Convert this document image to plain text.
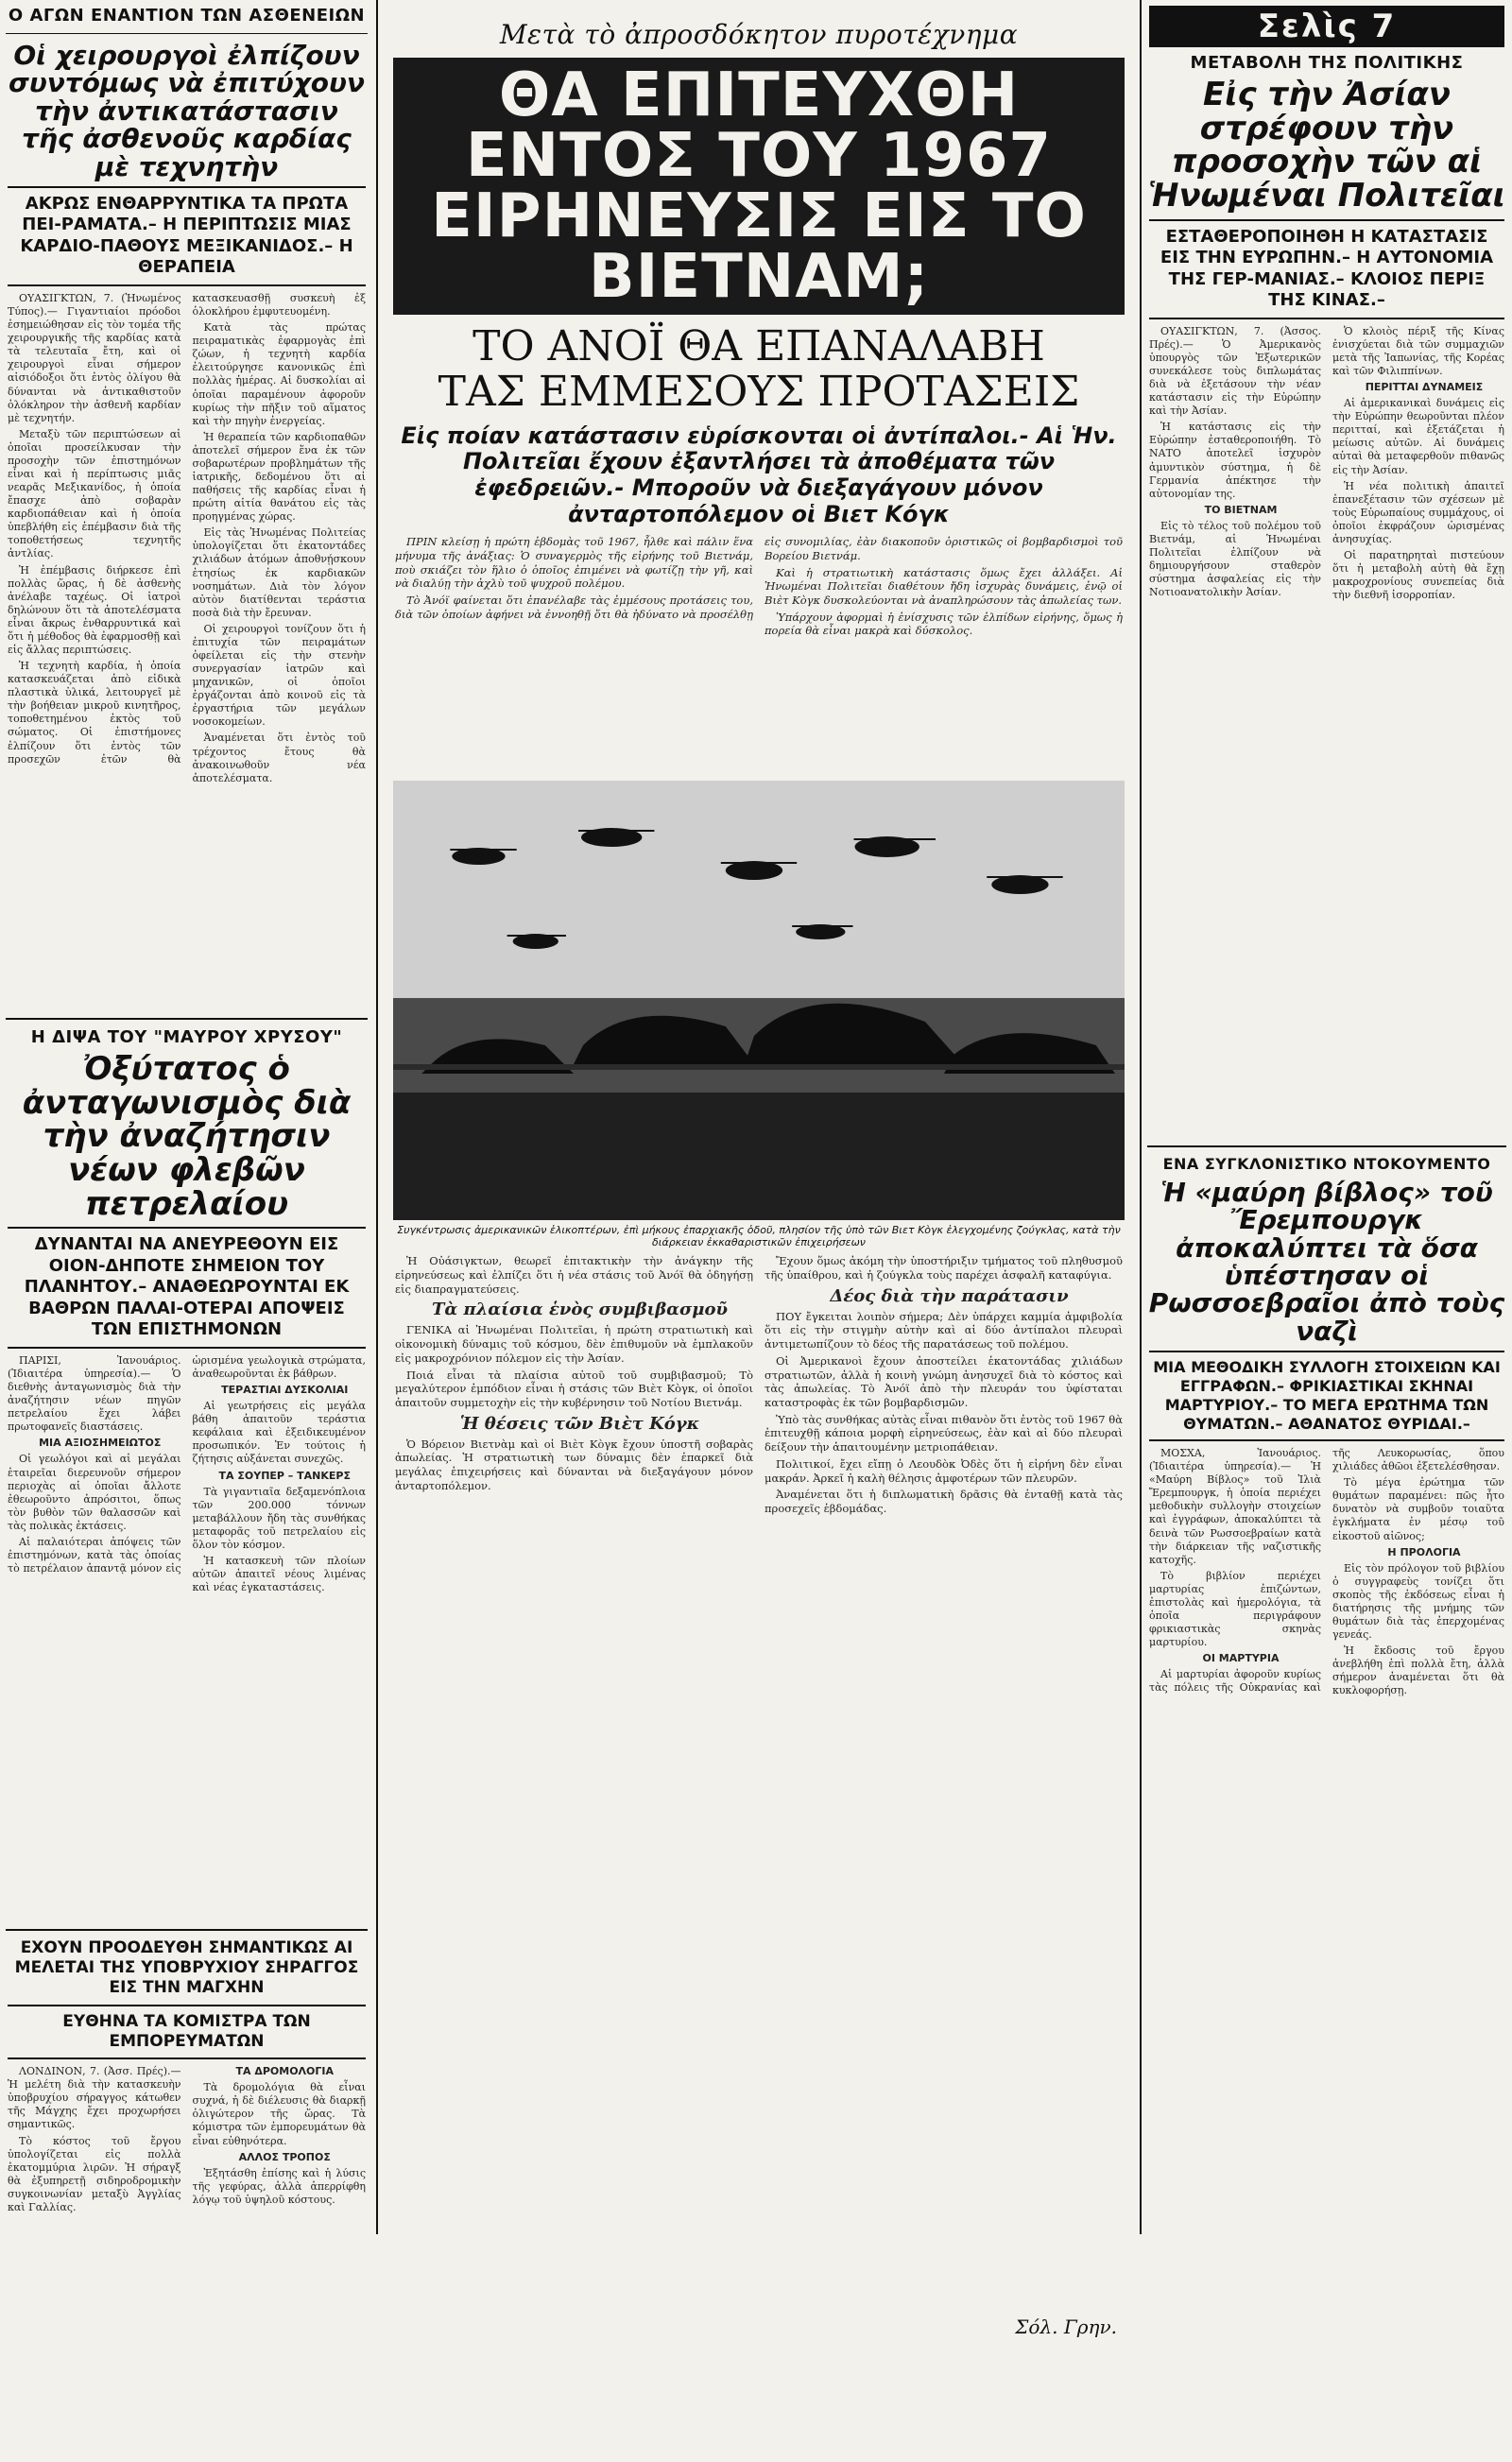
Ο ΑΓΩΝ ΕΝΑΝΤΙΟΝ ΤΩΝ ΑΣΘΕΝΕΙΩΝ
Οἱ χειρουργοὶ ἐλπίζουν συντόμως νὰ ἐπιτύχουν τὴν ἀντικατάστασιν τῆς ἀσθενοῦς καρδίας μὲ τεχνητὴν
ΑΚΡΩΣ ΕΝΘΑΡΡΥΝΤΙΚΑ ΤΑ ΠΡΩΤΑ ΠΕΙ-ΡΑΜΑΤΑ.– Η ΠΕΡΙΠΤΩΣΙΣ ΜΙΑΣ ΚΑΡΔΙΟ-ΠΑΘΟΥΣ ΜΕΞΙΚΑΝΙΔΟΣ.– Η ΘΕΡΑΠΕΙΑ

ΟΥΑΣΙΓΚΤΩΝ, 7. (Ἡνωμένος Τύπος).— Γιγαντιαίοι πρόοδοι ἐσημειώθησαν εἰς τὸν τομέα τῆς χειρουργικῆς τῆς καρδίας κατὰ τὰ τελευταῖα ἔτη, καὶ οἱ χειρουργοὶ εἶναι σήμερον αἰσιόδοξοι ὅτι ἐντὸς ὀλίγου θὰ δύνανται νὰ ἀντικαθιστοῦν ὁλόκληρον τὴν ἀσθενῆ καρδίαν μὲ τεχνητήν.

Μεταξὺ τῶν περιπτώσεων αἱ ὁποῖαι προσείλκυσαν τὴν προσοχὴν τῶν ἐπιστημόνων εἶναι καὶ ἡ περίπτωσις μιᾶς νεαρᾶς Μεξικανίδος, ἡ ὁποία ἔπασχε ἀπὸ σοβαρὰν καρδιοπάθειαν καὶ ἡ ὁποία ὑπεβλήθη εἰς ἐπέμβασιν διὰ τῆς τοποθετήσεως τεχνητῆς ἀντλίας.

Ἡ ἐπέμβασις διήρκεσε ἐπὶ πολλὰς ὥρας, ἡ δὲ ἀσθενὴς ἀνέλαβε ταχέως. Οἱ ἰατροὶ δηλώνουν ὅτι τὰ ἀποτελέσματα εἶναι ἄκρως ἐνθαρρυντικά καὶ ὅτι ἡ μέθοδος θὰ ἐφαρμοσθῇ καὶ εἰς ἄλλας περιπτώσεις.

Ἡ τεχνητὴ καρδία, ἡ ὁποία κατασκευάζεται ἀπὸ εἰδικὰ πλαστικὰ ὑλικά, λειτουργεῖ μὲ τὴν βοήθειαν μικροῦ κινητῆρος, τοποθετημένου ἐκτὸς τοῦ σώματος. Οἱ ἐπιστήμονες ἐλπίζουν ὅτι ἐντὸς τῶν προσεχῶν ἐτῶν θὰ κατασκευασθῇ συσκευὴ ἐξ ὁλοκλήρου ἐμφυτευομένη.

Κατὰ τὰς πρώτας πειραματικὰς ἐφαρμογὰς ἐπὶ ζώων, ἡ τεχνητὴ καρδία ἐλειτούργησε κανονικῶς ἐπὶ πολλὰς ἡμέρας. Αἱ δυσκολίαι αἱ ὁποῖαι παραμένουν ἀφοροῦν κυρίως τὴν πῆξιν τοῦ αἵματος καὶ τὴν πηγὴν ἐνεργείας.

Ἡ θεραπεία τῶν καρδιοπαθῶν ἀποτελεῖ σήμερον ἕνα ἐκ τῶν σοβαρωτέρων προβλημάτων τῆς ἰατρικῆς, δεδομένου ὅτι αἱ παθήσεις τῆς καρδίας εἶναι ἡ πρώτη αἰτία θανάτου εἰς τὰς προηγμένας χώρας.

Εἰς τὰς Ἡνωμένας Πολιτείας ὑπολογίζεται ὅτι ἑκατοντάδες χιλιάδων ἀτόμων ἀποθνῄσκουν ἐτησίως ἐκ καρδιακῶν νοσημάτων. Διὰ τὸν λόγον αὐτὸν διατίθενται τεράστια ποσὰ διὰ τὴν ἔρευναν.

Οἱ χειρουργοὶ τονίζουν ὅτι ἡ ἐπιτυχία τῶν πειραμάτων ὀφείλεται εἰς τὴν στενὴν συνεργασίαν ἰατρῶν καὶ μηχανικῶν, οἱ ὁποῖοι ἐργάζονται ἀπὸ κοινοῦ εἰς τὰ ἐργαστήρια τῶν μεγάλων νοσοκομείων.

Ἀναμένεται ὅτι ἐντὸς τοῦ τρέχοντος ἔτους θὰ ἀνακοινωθοῦν νέα ἀποτελέσματα.

Η ΔΙΨΑ ΤΟΥ "ΜΑΥΡΟΥ ΧΡΥΣΟΥ"
Ὀξύτατος ὁ ἀνταγωνισμὸς διὰ τὴν ἀναζήτησιν νέων φλεβῶν πετρελαίου
ΔΥΝΑΝΤΑΙ ΝΑ ΑΝΕΥΡΕΘΟΥΝ ΕΙΣ ΟΙΟΝ-ΔΗΠΟΤΕ ΣΗΜΕΙΟΝ ΤΟΥ ΠΛΑΝΗΤΟΥ.– ΑΝΑΘΕΩΡΟΥΝΤΑΙ ΕΚ ΒΑΘΡΩΝ ΠΑΛΑΙ-ΟΤΕΡΑΙ ΑΠΟΨΕΙΣ ΤΩΝ ΕΠΙΣΤΗΜΟΝΩΝ

ΠΑΡΙΣΙ, Ἰανουάριος. (Ἰδιαιτέρα ὑπηρεσία).— Ὁ διεθνὴς ἀνταγωνισμὸς διὰ τὴν ἀναζήτησιν νέων πηγῶν πετρελαίου ἔχει λάβει πρωτοφανεῖς διαστάσεις.

ΜΙΑ ΑΞΙΟΣΗΜΕΙΩΤΟΣ

Οἱ γεωλόγοι καὶ αἱ μεγάλαι ἑταιρεῖαι διερευνοῦν σήμερον περιοχὰς αἱ ὁποῖαι ἄλλοτε ἐθεωροῦντο ἀπρόσιτοι, ὅπως τὸν βυθὸν τῶν θαλασσῶν καὶ τὰς πολικὰς ἐκτάσεις.

Αἱ παλαιότεραι ἀπόψεις τῶν ἐπιστημόνων, κατὰ τὰς ὁποίας τὸ πετρέλαιον ἀπαντᾷ μόνον εἰς ὡρισμένα γεωλογικὰ στρώματα, ἀναθεωροῦνται ἐκ βάθρων.

ΤΕΡΑΣΤΙΑΙ ΔΥΣΚΟΛΙΑΙ

Αἱ γεωτρήσεις εἰς μεγάλα βάθη ἀπαιτοῦν τεράστια κεφάλαια καὶ ἐξειδικευμένον προσωπικόν. Ἐν τούτοις ἡ ζήτησις αὐξάνεται συνεχῶς.

ΤΑ ΣΟΥΠΕΡ – ΤΑΝΚΕΡΣ

Τὰ γιγαντιαῖα δεξαμενόπλοια τῶν 200.000 τόννων μεταβάλλουν ἤδη τὰς συνθήκας μεταφορᾶς τοῦ πετρελαίου εἰς ὅλον τὸν κόσμον.

Ἡ κατασκευὴ τῶν πλοίων αὐτῶν ἀπαιτεῖ νέους λιμένας καὶ νέας ἐγκαταστάσεις.

ΕΧΟΥΝ ΠΡΟΟΔΕΥΘΗ ΣΗΜΑΝΤΙΚΩΣ ΑΙ ΜΕΛΕΤΑΙ ΤΗΣ ΥΠΟΒΡΥΧΙΟΥ ΣΗΡΑΓΓΟΣ ΕΙΣ ΤΗΝ ΜΑΓΧΗΝ
ΕΥΘΗΝΑ ΤΑ ΚΟΜΙΣΤΡΑ ΤΩΝ ΕΜΠΟΡΕΥΜΑΤΩΝ

ΛΟΝΔΙΝΟΝ, 7. (Ἀσσ. Πρές).— Ἡ μελέτη διὰ τὴν κατασκευὴν ὑποβρυχίου σήραγγος κάτωθεν τῆς Μάγχης ἔχει προχωρήσει σημαντικῶς.

Τὸ κόστος τοῦ ἔργου ὑπολογίζεται εἰς πολλὰ ἑκατομμύρια λιρῶν. Ἡ σήραγξ θὰ ἐξυπηρετῇ σιδηροδρομικὴν συγκοινωνίαν μεταξὺ Ἀγγλίας καὶ Γαλλίας.

ΤΑ ΔΡΟΜΟΛΟΓΙΑ

Τὰ δρομολόγια θὰ εἶναι συχνά, ἡ δὲ διέλευσις θὰ διαρκῇ ὀλιγώτερον τῆς ὥρας. Τὰ κόμιστρα τῶν ἐμπορευμάτων θὰ εἶναι εὐθηνότερα.

ΑΛΛΟΣ ΤΡΟΠΟΣ

Ἐξητάσθη ἐπίσης καὶ ἡ λύσις τῆς γεφύρας, ἀλλὰ ἀπερρίφθη λόγῳ τοῦ ὑψηλοῦ κόστους.

Μετὰ τὸ ἀπροσδόκητον πυροτέχνημα
ΘΑ ΕΠΙΤΕΥΧΘΗ ΕΝΤΟΣ ΤΟΥ 1967
ΕΙΡΗΝΕΥΣΙΣ ΕΙΣ ΤΟ ΒΙΕΤΝΑΜ;
ΤΟ ΑΝΟΪ ΘΑ ΕΠΑΝΑΛΑΒΗ
ΤΑΣ ΕΜΜΕΣΟΥΣ ΠΡΟΤΑΣΕΙΣ
Εἰς ποίαν κατάστασιν εὑρίσκονται οἱ ἀντίπαλοι.- Αἱ Ἡν. Πολιτεῖαι ἔχουν ἐξαντλήσει τὰ ἀποθέματα τῶν ἐφεδρειῶν.- Μποροῦν νὰ διεξαγάγουν μόνον ἀνταρτοπόλεμον οἱ Βιετ Κόγκ

ΠΡΙΝ κλείσῃ ἡ πρώτη ἑβδομὰς τοῦ 1967, ἦλθε καὶ πάλιν ἕνα μήνυμα τῆς ἀνάξιας: Ὁ συναγερμὸς τῆς εἰρήνης τοῦ Βιετνάμ, ποὺ σκιάζει τὸν ἥλιο ὁ ὁποῖος ἐπιμένει νὰ φωτίζῃ τὴν γῆ, καὶ νὰ διαλύῃ τὴν ἀχλὺ τοῦ ψυχροῦ πολέμου.

Τὸ Ἀνόϊ φαίνεται ὅτι ἐπανέλαβε τὰς ἐμμέσους προτάσεις του, διὰ τῶν ὁποίων ἀφήνει νὰ ἐννοηθῇ ὅτι θὰ ἠδύνατο νὰ προσέλθῃ εἰς συνομιλίας, ἐὰν διακοποῦν ὁριστικῶς οἱ βομβαρδισμοὶ τοῦ Βορείου Βιετνάμ.

Καὶ ἡ στρατιωτικὴ κατάστασις ὅμως ἔχει ἀλλάξει. Αἱ Ἡνωμέναι Πολιτεῖαι διαθέτουν ἤδη ἰσχυρὰς δυνάμεις, ἐνῷ οἱ Βιὲτ Κὸγκ δυσκολεύονται νὰ ἀναπληρώσουν τὰς ἀπωλείας των.

Ὑπάρχουν ἀφορμαὶ ἡ ἐνίσχυσις τῶν ἐλπίδων εἰρήνης, ὅμως ἡ πορεία θὰ εἶναι μακρὰ καὶ δύσκολος.

Συγκέντρωσις ἀμερικανικῶν ἑλικοπτέρων, ἐπὶ μήκους ἐπαρχιακῆς ὁδοῦ, πλησίον τῆς ὑπὸ τῶν Βιετ Κὸγκ ἐλεγχομένης ζούγκλας, κατὰ τὴν διάρκειαν ἐκκαθαριστικῶν ἐπιχειρήσεων

Ἡ Οὐάσιγκτων, θεωρεῖ ἐπιτακτικὴν τὴν ἀνάγκην τῆς εἰρηνεύσεως καὶ ἐλπίζει ὅτι ἡ νέα στάσις τοῦ Ἀνόϊ θὰ ὁδηγήσῃ εἰς διαπραγματεύσεις.

Τὰ πλαίσια ἑνὸς συμβιβασμοῦ

ΓΕΝΙΚΑ αἱ Ἡνωμέναι Πολιτεῖαι, ἡ πρώτη στρατιωτικὴ καὶ οἰκονομικὴ δύναμις τοῦ κόσμου, δὲν ἐπιθυμοῦν νὰ ἐμπλακοῦν εἰς μακροχρόνιον πόλεμον εἰς τὴν Ἀσίαν.

Ποιά εἶναι τὰ πλαίσια αὐτοῦ τοῦ συμβιβασμοῦ; Τὸ μεγαλύτερον ἐμπόδιον εἶναι ἡ στάσις τῶν Βιὲτ Κὸγκ, οἱ ὁποῖοι ἀπαιτοῦν συμμετοχὴν εἰς τὴν κυβέρνησιν τοῦ Νοτίου Βιετνάμ.

Ἡ θέσεις τῶν Βιὲτ Κόγκ

Ὁ Βόρειον Βιετνὰμ καὶ οἱ Βιὲτ Κὸγκ ἔχουν ὑποστῆ σοβαρὰς ἀπωλείας. Ἡ στρατιωτικὴ των δύναμις δὲν ἐπαρκεῖ διὰ μεγάλας ἐπιχειρήσεις καὶ δύνανται νὰ διεξαγάγουν μόνον ἀνταρτοπόλεμον.

Ἔχουν ὅμως ἀκόμη τὴν ὑποστήριξιν τμήματος τοῦ πληθυσμοῦ τῆς ὑπαίθρου, καὶ ἡ ζούγκλα τοὺς παρέχει ἀσφαλῆ καταφύγια.

Δέος διὰ τὴν παράτασιν

ΠΟΥ ἔγκειται λοιπὸν σήμερα; Δὲν ὑπάρχει καμμία ἀμφιβολία ὅτι εἰς τὴν στιγμὴν αὐτὴν καὶ αἱ δύο ἀντίπαλοι πλευραὶ ἀντιμετωπίζουν τὸ δέος τῆς παρατάσεως τοῦ πολέμου.

Οἱ Ἀμερικανοὶ ἔχουν ἀποστείλει ἑκατοντάδας χιλιάδων στρατιωτῶν, ἀλλὰ ἡ κοινὴ γνώμη ἀνησυχεῖ διὰ τὸ κόστος καὶ τὰς ἀπωλείας. Τὸ Ἀνόϊ ἀπὸ τὴν πλευράν του ὑφίσταται καταστροφὰς ἐκ τῶν βομβαρδισμῶν.

Ὑπὸ τὰς συνθήκας αὐτὰς εἶναι πιθανὸν ὅτι ἐντὸς τοῦ 1967 θὰ ἐπιτευχθῇ κάποια μορφὴ εἰρηνεύσεως, ἐὰν καὶ αἱ δύο πλευραὶ δείξουν τὴν ἀπαιτουμένην μετριοπάθειαν.

Πολιτικοί, ἔχει εἴπῃ ὁ Λεουδὸκ Ὀδὲς ὅτι ἡ εἰρήνη δὲν εἶναι μακράν. Ἀρκεῖ ἡ καλὴ θέλησις ἀμφοτέρων τῶν πλευρῶν.

Ἀναμένεται ὅτι ἡ διπλωματικὴ δρᾶσις θὰ ἐνταθῇ κατὰ τὰς προσεχεῖς ἑβδομάδας.

Σόλ. Γρην.
Σελὶς 7
ΜΕΤΑΒΟΛΗ ΤΗΣ ΠΟΛΙΤΙΚΗΣ
Εἰς τὴν Ἀσίαν στρέφουν τὴν προσοχὴν τῶν αἱ Ἡνωμέναι Πολιτεῖαι
ΕΣΤΑΘΕΡΟΠΟΙΗΘΗ Η ΚΑΤΑΣΤΑΣΙΣ ΕΙΣ ΤΗΝ ΕΥΡΩΠΗΝ.– Η ΑΥΤΟΝΟΜΙΑ ΤΗΣ ΓΕΡ-ΜΑΝΙΑΣ.– ΚΛΟΙΟΣ ΠΕΡΙΞ ΤΗΣ ΚΙΝΑΣ.–

ΟΥΑΣΙΓΚΤΩΝ, 7. (Ἀσσος. Πρές).— Ὁ Ἀμερικανὸς ὑπουργὸς τῶν Ἐξωτερικῶν συνεκάλεσε τοὺς διπλωμάτας διὰ νὰ ἐξετάσουν τὴν νέαν κατάστασιν εἰς τὴν Εὐρώπην καὶ τὴν Ἀσίαν.

Ἡ κατάστασις εἰς τὴν Εὐρώπην ἐσταθεροποιήθη. Τὸ ΝΑΤΟ ἀποτελεῖ ἰσχυρὸν ἀμυντικὸν σύστημα, ἡ δὲ Γερμανία ἀπέκτησε τὴν αὐτονομίαν της.

ΤΟ ΒΙΕΤΝΑΜ

Εἰς τὸ τέλος τοῦ πολέμου τοῦ Βιετνάμ, αἱ Ἡνωμέναι Πολιτεῖαι ἐλπίζουν νὰ δημιουργήσουν σταθερὸν σύστημα ἀσφαλείας εἰς τὴν Νοτιοανατολικὴν Ἀσίαν.

Ὁ κλοιὸς πέριξ τῆς Κίνας ἐνισχύεται διὰ τῶν συμμαχιῶν μετὰ τῆς Ἰαπωνίας, τῆς Κορέας καὶ τῶν Φιλιππίνων.

ΠΕΡΙΤΤΑΙ ΔΥΝΑΜΕΙΣ

Αἱ ἀμερικανικαὶ δυνάμεις εἰς τὴν Εὐρώπην θεωροῦνται πλέον περιτταί, καὶ ἐξετάζεται ἡ μείωσις αὐτῶν. Αἱ δυνάμεις αὐταὶ θὰ μεταφερθοῦν πιθανῶς εἰς τὴν Ἀσίαν.

Ἡ νέα πολιτικὴ ἀπαιτεῖ ἐπανεξέτασιν τῶν σχέσεων μὲ τοὺς Εὐρωπαίους συμμάχους, οἱ ὁποῖοι ἐκφράζουν ὡρισμένας ἀνησυχίας.

Οἱ παρατηρηταὶ πιστεύουν ὅτι ἡ μεταβολὴ αὐτὴ θὰ ἔχῃ μακροχρονίους συνεπείας διὰ τὴν διεθνῆ ἰσορροπίαν.

ΕΝΑ ΣΥΓΚΛΟΝΙΣΤΙΚΟ ΝΤΟΚΟΥΜΕΝΤΟ
Ἡ «μαύρη βίβλος» τοῦ Ἔρεμπουργκ ἀποκαλύπτει τὰ ὅσα ὑπέστησαν οἱ Ρωσσοεβραῖοι ἀπὸ τοὺς ναζὶ
ΜΙΑ ΜΕΘΟΔΙΚΗ ΣΥΛΛΟΓΗ ΣΤΟΙΧΕΙΩΝ ΚΑΙ ΕΓΓΡΑΦΩΝ.– ΦΡΙΚΙΑΣΤΙΚΑΙ ΣΚΗΝΑΙ ΜΑΡΤΥΡΙΟΥ.– ΤΟ ΜΕΓΑ ΕΡΩΤΗΜΑ ΤΩΝ ΘΥΜΑΤΩΝ.– ΑΘΑΝΑΤΟΣ ΘΥΡΙΔΑΙ.–

ΜΟΣΧΑ, Ἰανουάριος. (Ἰδιαιτέρα ὑπηρεσία).— Ἡ «Μαύρη Βίβλος» τοῦ Ἰλιὰ Ἔρεμπουργκ, ἡ ὁποία περιέχει μεθοδικὴν συλλογὴν στοιχείων καὶ ἐγγράφων, ἀποκαλύπτει τὰ δεινὰ τῶν Ρωσσοεβραίων κατὰ τὴν διάρκειαν τῆς ναζιστικῆς κατοχῆς.

Τὸ βιβλίον περιέχει μαρτυρίας ἐπιζώντων, ἐπιστολὰς καὶ ἡμερολόγια, τὰ ὁποῖα περιγράφουν φρικιαστικὰς σκηνὰς μαρτυρίου.

ΟΙ ΜΑΡΤΥΡΙΑ

Αἱ μαρτυρίαι ἀφοροῦν κυρίως τὰς πόλεις τῆς Οὐκρανίας καὶ τῆς Λευκορωσίας, ὅπου χιλιάδες ἀθῶοι ἐξετελέσθησαν.

Τὸ μέγα ἐρώτημα τῶν θυμάτων παραμένει: πῶς ἦτο δυνατὸν νὰ συμβοῦν τοιαῦτα ἐγκλήματα ἐν μέσῳ τοῦ εἰκοστοῦ αἰῶνος;

Η ΠΡΟΛΟΓΙΑ

Εἰς τὸν πρόλογον τοῦ βιβλίου ὁ συγγραφεὺς τονίζει ὅτι σκοπὸς τῆς ἐκδόσεως εἶναι ἡ διατήρησις τῆς μνήμης τῶν θυμάτων διὰ τὰς ἐπερχομένας γενεάς.

Ἡ ἔκδοσις τοῦ ἔργου ἀνεβλήθη ἐπὶ πολλὰ ἔτη, ἀλλὰ σήμερον ἀναμένεται ὅτι θὰ κυκλοφορήσῃ.
